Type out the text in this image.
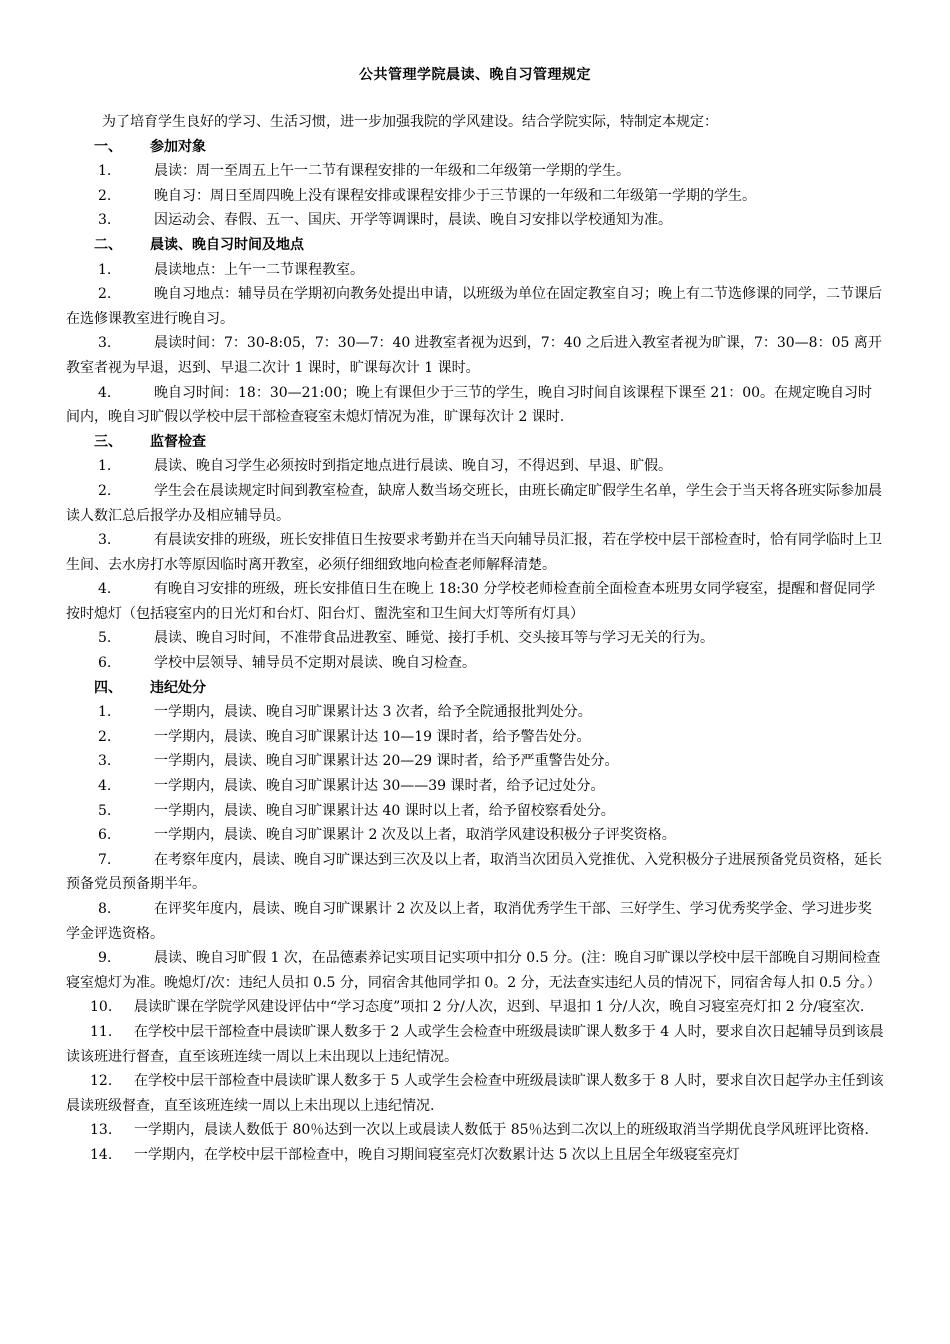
公共管理学院晨读、晚自习管理规定

为了培育学生良好的学习、生活习惯，进一步加强我院的学风建设。结合学院实际，特制定本规定：

一、 参加对象

1.	晨读：周一至周五上午一二节有课程安排的一年级和二年级第一学期的学生。

2.	晚自习：周日至周四晚上没有课程安排或课程安排少于三节课的一年级和二年级第一学期的学生。

3.	因运动会、春假、五一、国庆、开学等调课时，晨读、晚自习安排以学校通知为准。

二、 晨读、晚自习时间及地点

1.	晨读地点：上午一二节课程教室。

2.	晚自习地点：辅导员在学期初向教务处提出申请，以班级为单位在固定教室自习；晚上有二节选修课的同学，二节课后在选修课教室进行晚自习。

3.	晨读时间：7：30-8:05，7：30—7：40 进教室者视为迟到，7：40 之后进入教室者视为旷课，7：30—8：05 离开教室者视为早退，迟到、早退二次计 1 课时，旷课每次计 1 课时。

4.	晚自习时间：18：30—21:00；晚上有课但少于三节的学生，晚自习时间自该课程下课至 21：00。在规定晚自习时间内，晚自习旷假以学校中层干部检查寝室未熄灯情况为准，旷课每次计 2 课时.

三、 监督检查

1.	晨读、晚自习学生必须按时到指定地点进行晨读、晚自习，不得迟到、早退、旷假。

2.	学生会在晨读规定时间到教室检查，缺席人数当场交班长，由班长确定旷假学生名单，学生会于当天将各班实际参加晨读人数汇总后报学办及相应辅导员。

3.	有晨读安排的班级，班长安排值日生按要求考勤并在当天向辅导员汇报，若在学校中层干部检查时，恰有同学临时上卫生间、去水房打水等原因临时离开教室，必须仔细细致地向检查老师解释清楚。

4.	有晚自习安排的班级，班长安排值日生在晚上 18:30 分学校老师检查前全面检查本班男女同学寝室，提醒和督促同学按时熄灯（包括寝室内的日光灯和台灯、阳台灯、盥洗室和卫生间大灯等所有灯具）

5.	晨读、晚自习时间，不准带食品进教室、睡觉、接打手机、交头接耳等与学习无关的行为。

6.	学校中层领导、辅导员不定期对晨读、晚自习检查。

四、 违纪处分

1.	一学期内，晨读、晚自习旷课累计达 3 次者，给予全院通报批判处分。

2.	一学期内，晨读、晚自习旷课累计达 10—19 课时者，给予警告处分。

3.	一学期内，晨读、晚自习旷课累计达 20—29 课时者，给予严重警告处分。

4.	一学期内，晨读、晚自习旷课累计达 30——39 课时者，给予记过处分。

5.	一学期内，晨读、晚自习旷课累计达 40 课时以上者，给予留校察看处分。

6.	一学期内，晨读、晚自习旷课累计 2 次及以上者，取消学风建设积极分子评奖资格。

7.	在考察年度内，晨读、晚自习旷课达到三次及以上者，取消当次团员入党推优、入党积极分子进展预备党员资格，延长预备党员预备期半年。

8.	在评奖年度内，晨读、晚自习旷课累计 2 次及以上者，取消优秀学生干部、三好学生、学习优秀奖学金、学习进步奖学金评选资格。

9.	晨读、晚自习旷假 1 次，在品德素养记实项目记实项中扣分 0.5 分。(注：晚自习旷课以学校中层干部晚自习期间检查寝室熄灯为准。晚熄灯/次：违纪人员扣 0.5 分，同宿舍其他同学扣 0。2 分，无法查实违纪人员的情况下，同宿舍每人扣 0.5 分。）

10. 晨读旷课在学院学风建设评估中“学习态度”项扣 2 分/人次，迟到、早退扣 1 分/人次，晚自习寝室亮灯扣 2 分/寝室次.

11. 在学校中层干部检查中晨读旷课人数多于 2 人或学生会检查中班级晨读旷课人数多于 4 人时，要求自次日起辅导员到该晨读该班进行督查，直至该班连续一周以上未出现以上违纪情况。

12. 在学校中层干部检查中晨读旷课人数多于 5 人或学生会检查中班级晨读旷课人数多于 8 人时，要求自次日起学办主任到该晨读班级督查，直至该班连续一周以上未出现以上违纪情况.

13. 一学期内，晨读人数低于 80％达到一次以上或晨读人数低于 85％达到二次以上的班级取消当学期优良学风班评比资格.

14. 一学期内，在学校中层干部检查中，晚自习期间寝室亮灯次数累计达 5 次以上且居全年级寝室亮灯
